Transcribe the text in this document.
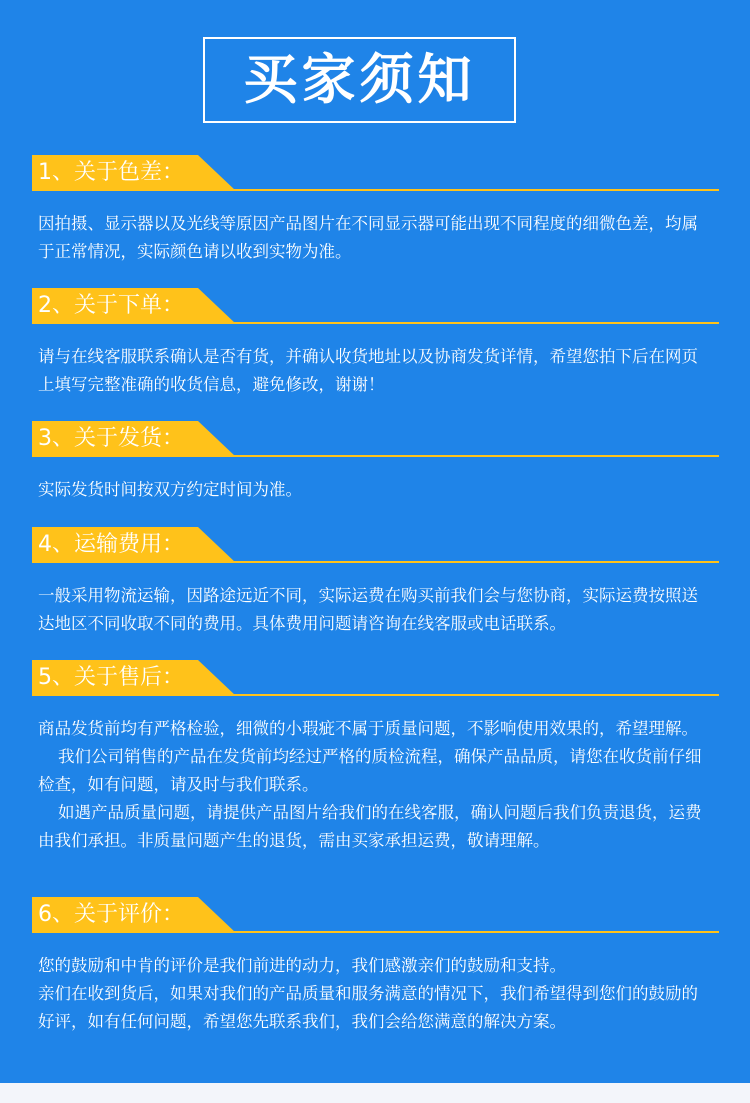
买家须知
1、关于色差：

因拍摄、显示器以及光线等原因产品图片在不同显示器可能出现不同程度的细微色差，均属于正常情况，实际颜色请以收到实物为准。

2、关于下单：

请与在线客服联系确认是否有货，并确认收货地址以及协商发货详情，希望您拍下后在网页上填写完整准确的收货信息，避免修改，谢谢！

3、关于发货：

实际发货时间按双方约定时间为准。

4、运输费用：

一般采用物流运输，因路途远近不同，实际运费在购买前我们会与您协商，实际运费按照送达地区不同收取不同的费用。具体费用问题请咨询在线客服或电话联系。

5、关于售后：

商品发货前均有严格检验，细微的小瑕疵不属于质量问题，不影响使用效果的，希望理解。

我们公司销售的产品在发货前均经过严格的质检流程，确保产品品质，请您在收货前仔细检查，如有问题，请及时与我们联系。

如遇产品质量问题，请提供产品图片给我们的在线客服，确认问题后我们负责退货，运费由我们承担。非质量问题产生的退货，需由买家承担运费，敬请理解。

6、关于评价：

您的鼓励和中肯的评价是我们前进的动力，我们感激亲们的鼓励和支持。

亲们在收到货后，如果对我们的产品质量和服务满意的情况下，我们希望得到您们的鼓励的好评，如有任何问题，希望您先联系我们，我们会给您满意的解决方案。
